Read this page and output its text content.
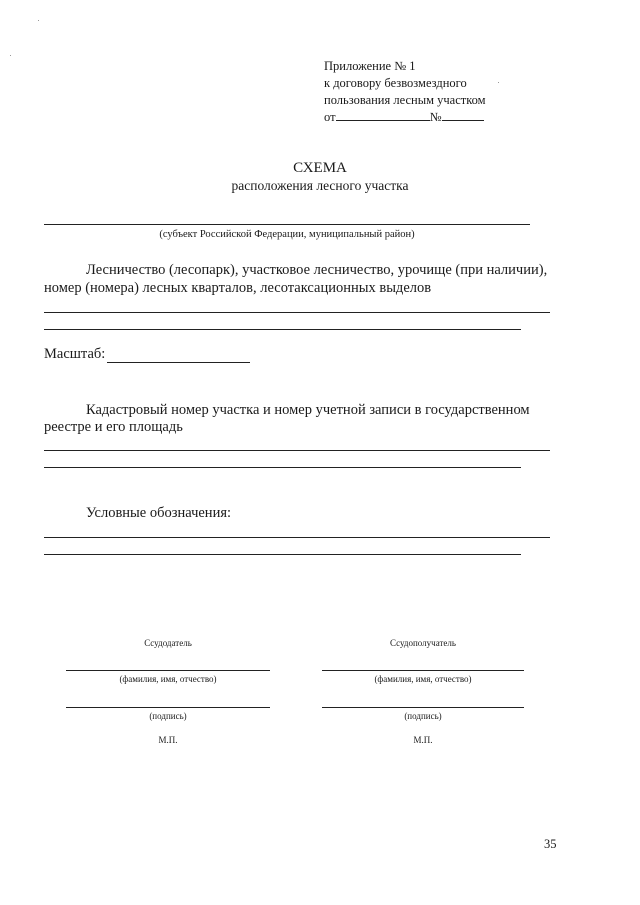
Приложение № 1
к договору безвозмездного
пользования лесным участком
от	№
СХЕМА
расположения лесного участка
(субъект Российской Федерации, муниципальный район)
Лесничество (лесопарк), участковое лесничество, урочище (при наличии),
номер (номера) лесных кварталов, лесотаксационных выделов
Масштаб:
Кадастровый номер участка и номер учетной записи в государственном
реестре и его площадь
Условные обозначения:
Ссудодатель
(фамилия, имя, отчество)
(подпись)
М.П.
Ссудополучатель
(фамилия, имя, отчество)
(подпись)
М.П.
35
